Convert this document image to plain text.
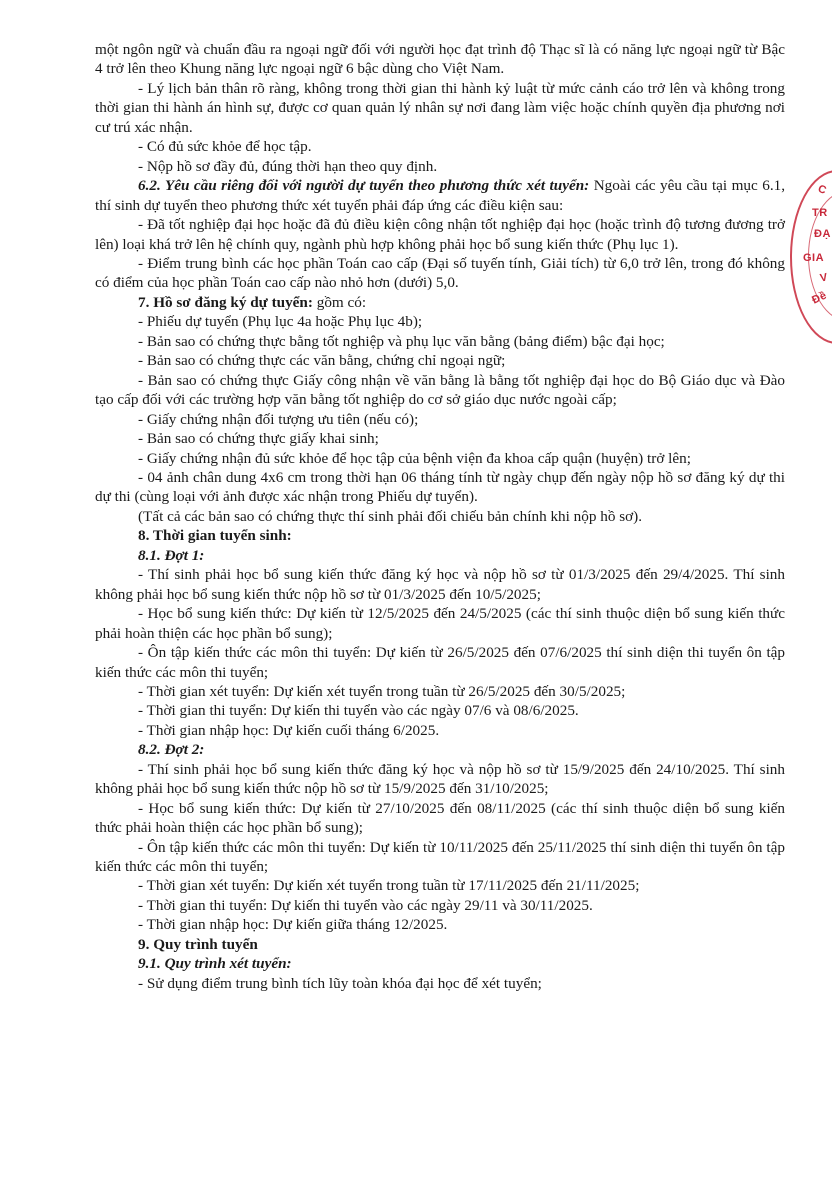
một ngôn ngữ và chuẩn đầu ra ngoại ngữ đối với người học đạt trình độ Thạc sĩ là có năng lực ngoại ngữ từ Bậc 4 trở lên theo Khung năng lực ngoại ngữ 6 bậc dùng cho Việt Nam.

- Lý lịch bản thân rõ ràng, không trong thời gian thi hành kỷ luật từ mức cảnh cáo trở lên và không trong thời gian thi hành án hình sự, được cơ quan quản lý nhân sự nơi đang làm việc hoặc chính quyền địa phương nơi cư trú xác nhận.

- Có đủ sức khỏe để học tập.

- Nộp hồ sơ đầy đủ, đúng thời hạn theo quy định.

6.2. Yêu cầu riêng đối với người dự tuyển theo phương thức xét tuyển: Ngoài các yêu cầu tại mục 6.1, thí sinh dự tuyển theo phương thức xét tuyển phải đáp ứng các điều kiện sau:

- Đã tốt nghiệp đại học hoặc đã đủ điều kiện công nhận tốt nghiệp đại học (hoặc trình độ tương đương trở lên) loại khá trở lên hệ chính quy, ngành phù hợp không phải học bổ sung kiến thức (Phụ lục 1).

- Điểm trung bình các học phần Toán cao cấp (Đại số tuyến tính, Giải tích) từ 6,0 trở lên, trong đó không có điểm của học phần Toán cao cấp nào nhỏ hơn (dưới) 5,0.

7. Hồ sơ đăng ký dự tuyển: gồm có:

- Phiếu dự tuyển (Phụ lục 4a hoặc Phụ lục 4b);

- Bản sao có chứng thực bằng tốt nghiệp và phụ lục văn bằng (bảng điểm) bậc đại học;

- Bản sao có chứng thực các văn bằng, chứng chỉ ngoại ngữ;

- Bản sao có chứng thực Giấy công nhận về văn bằng là bằng tốt nghiệp đại học do Bộ Giáo dục và Đào tạo cấp đối với các trường hợp văn bằng tốt nghiệp do cơ sở giáo dục nước ngoài cấp;

- Giấy chứng nhận đối tượng ưu tiên (nếu có);

- Bản sao có chứng thực giấy khai sinh;

- Giấy chứng nhận đủ sức khỏe để học tập của bệnh viện đa khoa cấp quận (huyện) trở lên;

- 04 ảnh chân dung 4x6 cm trong thời hạn 06 tháng tính từ ngày chụp đến ngày nộp hồ sơ đăng ký dự thi dự thi (cùng loại với ảnh được xác nhận trong Phiếu dự tuyển).

(Tất cả các bản sao có chứng thực thí sinh phải đối chiếu bản chính khi nộp hồ sơ).

8. Thời gian tuyển sinh:

8.1. Đợt 1:

- Thí sinh phải học bổ sung kiến thức đăng ký học và nộp hồ sơ từ 01/3/2025 đến 29/4/2025. Thí sinh không phải học bổ sung kiến thức nộp hồ sơ từ 01/3/2025 đến 10/5/2025;

- Học bổ sung kiến thức: Dự kiến từ 12/5/2025 đến 24/5/2025 (các thí sinh thuộc diện bổ sung kiến thức phải hoàn thiện các học phần bổ sung);

- Ôn tập kiến thức các môn thi tuyển: Dự kiến từ 26/5/2025 đến 07/6/2025 thí sinh diện thi tuyển ôn tập kiến thức các môn thi tuyển;

- Thời gian xét tuyển: Dự kiến xét tuyển trong tuần từ 26/5/2025 đến 30/5/2025;

- Thời gian thi tuyển: Dự kiến thi tuyển vào các ngày 07/6 và 08/6/2025.

- Thời gian nhập học: Dự kiến cuối tháng 6/2025.

8.2. Đợt 2:

- Thí sinh phải học bổ sung kiến thức đăng ký học và nộp hồ sơ từ 15/9/2025 đến 24/10/2025. Thí sinh không phải học bổ sung kiến thức nộp hồ sơ từ 15/9/2025 đến 31/10/2025;

- Học bổ sung kiến thức: Dự kiến từ 27/10/2025 đến 08/11/2025 (các thí sinh thuộc diện bổ sung kiến thức phải hoàn thiện các học phần bổ sung);

- Ôn tập kiến thức các môn thi tuyển: Dự kiến từ 10/11/2025 đến 25/11/2025 thí sinh diện thi tuyển ôn tập kiến thức các môn thi tuyển;

- Thời gian xét tuyển: Dự kiến xét tuyển trong tuần từ 17/11/2025 đến 21/11/2025;

- Thời gian thi tuyển: Dự kiến thi tuyển vào các ngày 29/11 và 30/11/2025.

- Thời gian nhập học: Dự kiến giữa tháng 12/2025.

9. Quy trình tuyển

9.1. Quy trình xét tuyển:

- Sử dụng điểm trung bình tích lũy toàn khóa đại học để xét tuyển;

C
TR
ĐẠ
GIA
V
Đề
